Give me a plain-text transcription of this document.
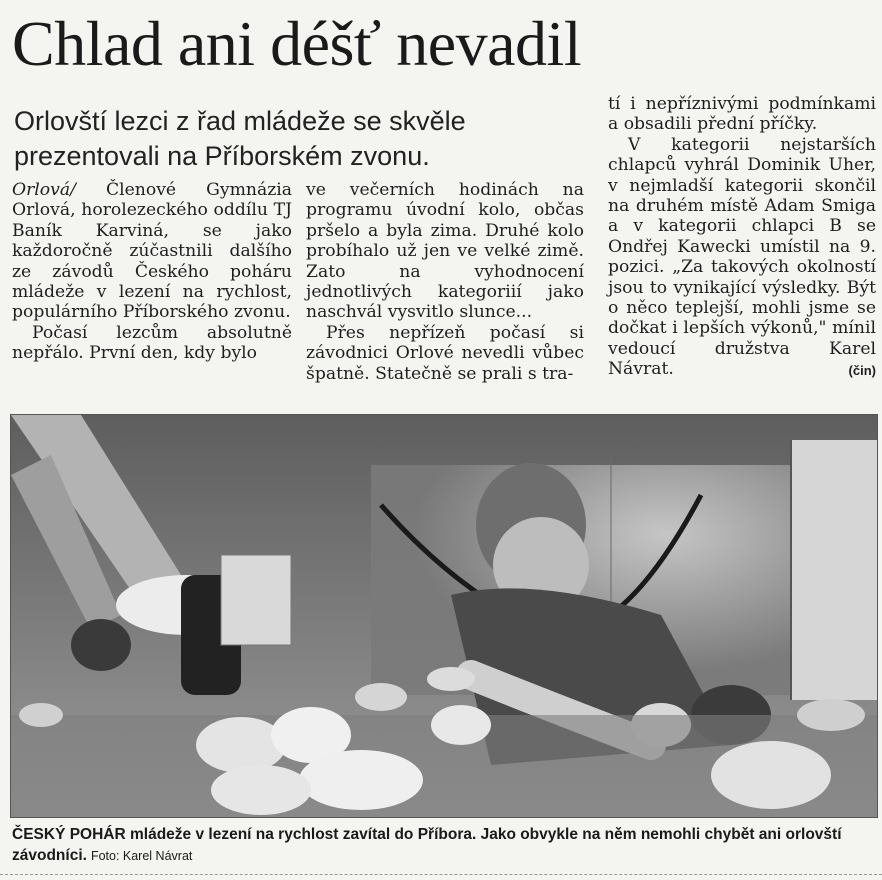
Chlad ani déšť nevadil
Orlovští lezci z řad mládeže se skvěle prezentovali na Příborském zvonu.

Orlová/ Členové Gymnázia Orlová, horolezeckého oddílu TJ Baník Karviná, se jako každoročně zúčastnili dalšího ze závodů Českého poháru mládeže v lezení na rychlost, populárního Příborského zvonu.

Počasí lezcům absolutně nepřálo. První den, kdy bylo

ve večerních hodinách na programu úvodní kolo, občas pršelo a byla zima. Druhé kolo probíhalo už jen ve velké zimě. Zato na vyhodnocení jednotlivých kategoriií jako naschvál vysvitlo slunce...

Přes nepřízeň počasí si závodnici Orlové nevedli vůbec špatně. Statečně se prali s tra-

tí i nepříznivými podmínkami a obsadili přední příčky.

V kategorii nejstarších chlapců vyhrál Dominik Uher, v nejmladší kategorii skončil na druhém místě Adam Smiga a v kategorii chlapci B se Ondřej Kawecki umístil na 9. pozici. „Za takových okolností jsou to vynikající výsledky. Být o něco teplejší, mohli jsme se dočkat i lepších výkonů," mínil vedoucí družstva Karel Návrat.	(čin)

ČESKÝ POHÁR mládeže v lezení na rychlost zavítal do Příbora. Jako obvykle na něm nemohli chybět ani orlovští závodníci. Foto: Karel Návrat
